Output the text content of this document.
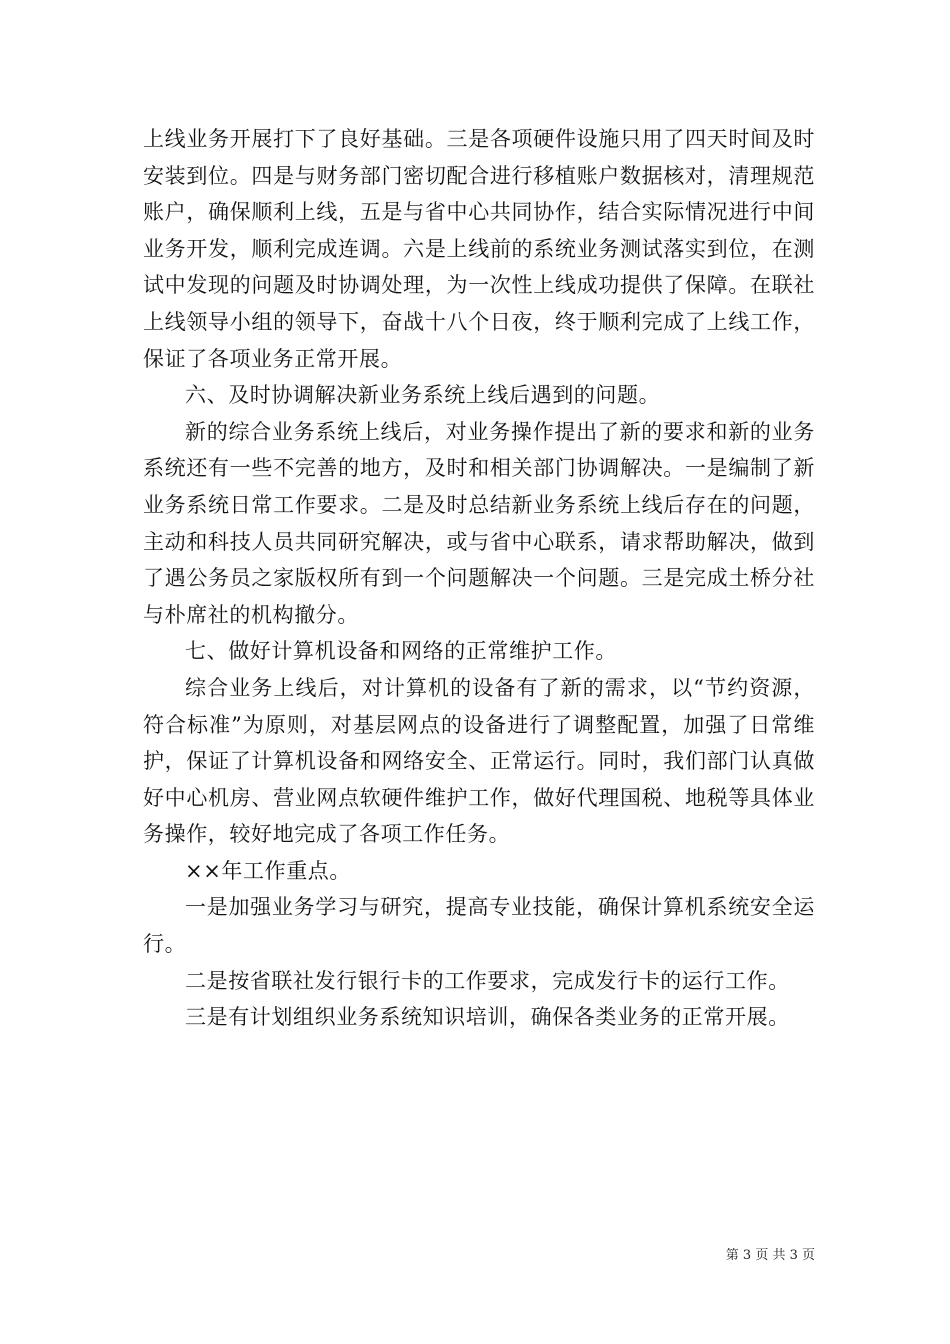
上线业务开展打下了良好基础。三是各项硬件设施只用了四天时间及时安装到位。四是与财务部门密切配合进行移植账户数据核对，清理规范账户，确保顺利上线，五是与省中心共同协作，结合实际情况进行中间业务开发，顺利完成连调。六是上线前的系统业务测试落实到位，在测试中发现的问题及时协调处理，为一次性上线成功提供了保障。在联社上线领导小组的领导下，奋战十八个日夜，终于顺利完成了上线工作，保证了各项业务正常开展。

六、及时协调解决新业务系统上线后遇到的问题。

新的综合业务系统上线后，对业务操作提出了新的要求和新的业务系统还有一些不完善的地方，及时和相关部门协调解决。一是编制了新业务系统日常工作要求。二是及时总结新业务系统上线后存在的问题，主动和科技人员共同研究解决，或与省中心联系，请求帮助解决，做到了遇公务员之家版权所有到一个问题解决一个问题。三是完成土桥分社与朴席社的机构撤分。

七、做好计算机设备和网络的正常维护工作。

综合业务上线后，对计算机的设备有了新的需求，以“节约资源，符合标准”为原则，对基层网点的设备进行了调整配置，加强了日常维护，保证了计算机设备和网络安全、正常运行。同时，我们部门认真做好中心机房、营业网点软硬件维护工作，做好代理国税、地税等具体业务操作，较好地完成了各项工作任务。

××年工作重点。

一是加强业务学习与研究，提高专业技能，确保计算机系统安全运行。

二是按省联社发行银行卡的工作要求，完成发行卡的运行工作。

三是有计划组织业务系统知识培训，确保各类业务的正常开展。

第 3 页 共 3 页
